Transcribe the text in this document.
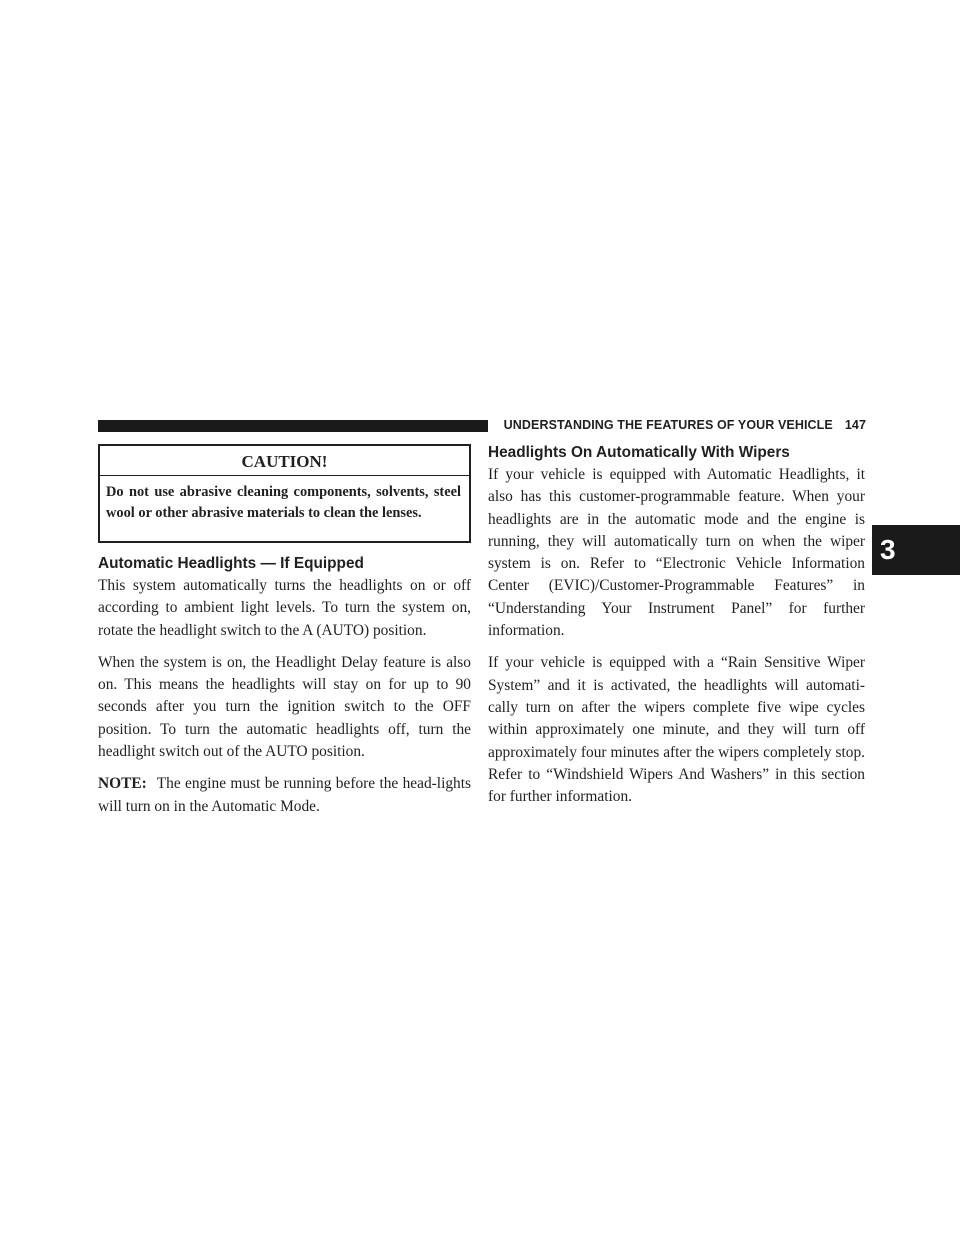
UNDERSTANDING THE FEATURES OF YOUR VEHICLE 147
3
CAUTION!
Do not use abrasive cleaning components, solvents, steel wool or other abrasive materials to clean the lenses.
Automatic Headlights — If Equipped

This system automatically turns the headlights on or off according to ambient light levels. To turn the system on, rotate the headlight switch to the A (AUTO) position.

When the system is on, the Headlight Delay feature is also on. This means the headlights will stay on for up to 90 seconds after you turn the ignition switch to the OFF position. To turn the automatic headlights off, turn the headlight switch out of the AUTO position.

NOTE: The engine must be running before the head-lights will turn on in the Automatic Mode.

Headlights On Automatically With Wipers

If your vehicle is equipped with Automatic Headlights, it also has this customer-programmable feature. When your headlights are in the automatic mode and the engine is running, they will automatically turn on when the wiper system is on. Refer to “Electronic Vehicle Information Center (EVIC)/Customer-Programmable Features” in “Understanding Your Instrument Panel” for further information.

If your vehicle is equipped with a “Rain Sensitive Wiper System” and it is activated, the headlights will automati-cally turn on after the wipers complete five wipe cycles within approximately one minute, and they will turn off approximately four minutes after the wipers completely stop. Refer to “Windshield Wipers And Washers” in this section for further information.
